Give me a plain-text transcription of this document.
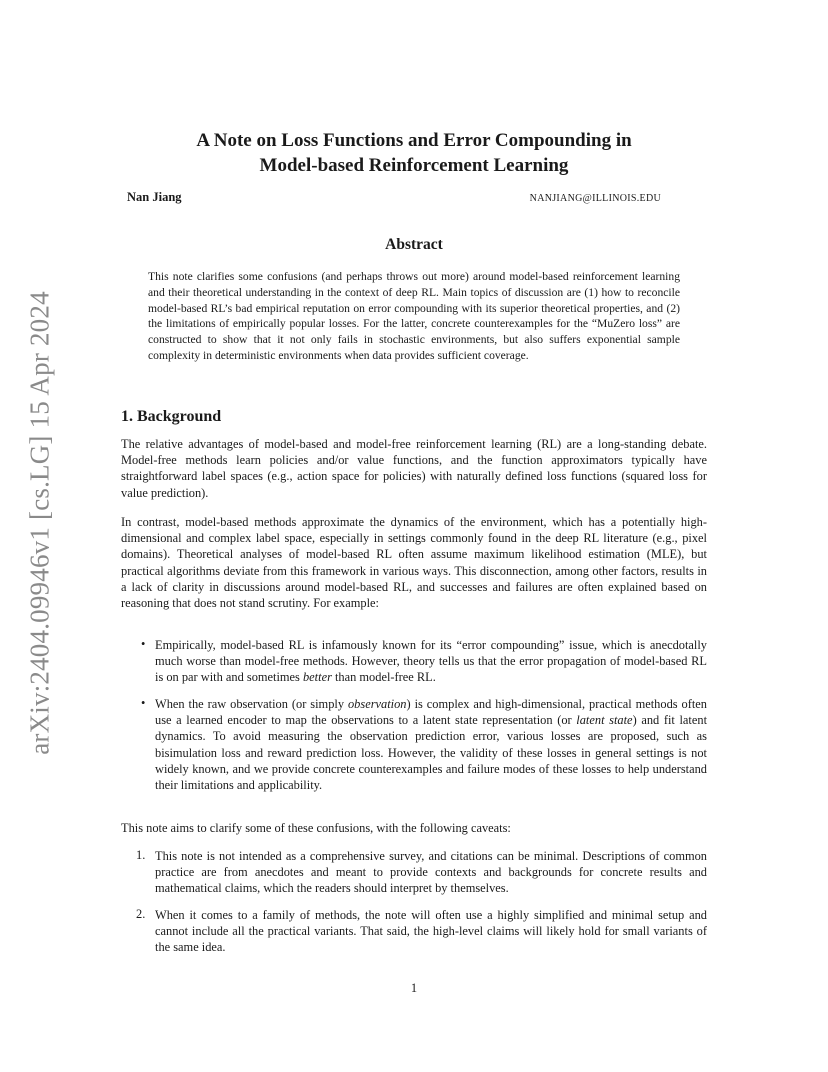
arXiv:2404.09946v1 [cs.LG] 15 Apr 2024
A Note on Loss Functions and Error Compounding in
Model-based Reinforcement Learning
Nan Jiang	NANJIANG@ILLINOIS.EDU
Abstract
This note clarifies some confusions (and perhaps throws out more) around model-based reinforcement learning and their theoretical understanding in the context of deep RL. Main topics of discussion are (1) how to reconcile model-based RL’s bad empirical reputation on error compounding with its superior theoretical properties, and (2) the limitations of empirically popular losses. For the latter, concrete counterexamples for the “MuZero loss” are constructed to show that it not only fails in stochastic environments, but also suffers exponential sample complexity in deterministic environments when data provides sufficient coverage.
1. Background
The relative advantages of model-based and model-free reinforcement learning (RL) are a long-standing debate. Model-free methods learn policies and/or value functions, and the function approximators typically have straightforward label spaces (e.g., action space for policies) with naturally defined loss functions (squared loss for value prediction).
In contrast, model-based methods approximate the dynamics of the environment, which has a potentially high-dimensional and complex label space, especially in settings commonly found in the deep RL literature (e.g., pixel domains). Theoretical analyses of model-based RL often assume maximum likelihood estimation (MLE), but practical algorithms deviate from this framework in various ways. This disconnection, among other factors, results in a lack of clarity in discussions around model-based RL, and successes and failures are often explained based on reasoning that does not stand scrutiny. For example:
• Empirically, model-based RL is infamously known for its “error compounding” issue, which is anecdotally much worse than model-free methods. However, theory tells us that the error propagation of model-based RL is on par with and sometimes better than model-free RL.
• When the raw observation (or simply observation) is complex and high-dimensional, practical methods often use a learned encoder to map the observations to a latent state representation (or latent state) and fit latent dynamics. To avoid measuring the observation prediction error, various losses are proposed, such as bisimulation loss and reward prediction loss. However, the validity of these losses in general settings is not widely known, and we provide concrete counterexamples and failure modes of these losses to help understand their limitations and applicability.
This note aims to clarify some of these confusions, with the following caveats:
1. This note is not intended as a comprehensive survey, and citations can be minimal. Descriptions of common practice are from anecdotes and meant to provide contexts and backgrounds for concrete results and mathematical claims, which the readers should interpret by themselves.
2. When it comes to a family of methods, the note will often use a highly simplified and minimal setup and cannot include all the practical variants. That said, the high-level claims will likely hold for small variants of the same idea.
1
